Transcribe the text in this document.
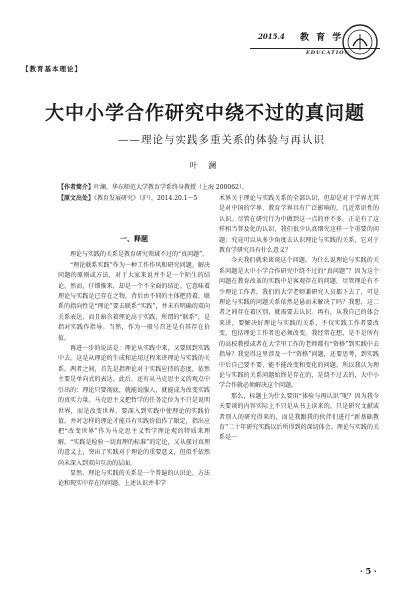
2015.4 教 育 学
EDUCATION
【教育基本理论】
大中小学合作研究中绕不过的真问题
——理论与实践多重关系的体验与再认识
叶 澜
【作者简介】叶澜，华东师范大学教育学系终身教授（上海 200062）。
【原文出处】《教育发展研究》（沪），2014.20.1～5
一、释题

理论与实践的关系是教育研究领域不过的“真问题”。

“理论联系实践”作为一种工作作风和研究问题、解决问题的原则或方法，对于大家来说并不是一个陌生的结论。然而，仔细推来，却是一个不全面的结论。它意味着理论与实践是已存在之物，背后由不同的主体把持着，联系的指向性是“理论”要去联系“实践”，并未有明确的双向关系表达，而且暗含着理论高于实践，所谓的“联系”，是指对实践作指导。当然，作为一般号召还是有其存在价值。

再进一步的说法是：理论从实践中来，又要回到实践中去。这是从理论的生成和运用过程来讲理论与实践的关系。两者之间，首先是指理论对于实践应持的态度，依然主要是单向式的表达。此后，还有从马克思主义的观点中引出的：理论只要彻底，就能说服人，就能成为改变实践的真实力量。马克思主义把哲学的任务定位为不只是说明世界，而是改变世界，要深入到实践中使理论的实践价值。并对怎样的理论才能具有实践价值作了限定，指出应把“改变世界”作为马克思主义哲学理论观的特质来理解。“实践是检验一切真理的标准”的定论，又从探讨真理的意义上，突出了实践对于理论的重要意义，但似乎依然尚未深入到双向互动的层面。

显然，理论与实践的关系是一个普遍的认识论、方法论和现实中存在的问题。上述认识并非学

术界关于理论与实践关系的全部认识，但却是对于学界尤其是对中国的学界、教育学界具有广泛影响的，几近常识性的认识。尽管在研究行为中做到这一点的并不多。正是有了这样相当普及化的认识，我们很少认真细究这样一个重要的问题：究竟可以从多少角度去认识理论与实践的关系，它对于教育学研究具有什么意义？

今天我们就来谈谈这个问题。为什么说理论与实践的关系问题是大中小学合作研究中绕不过的“真问题”？因为这个问题在教育改革的实践中是客观存在的问题，尽管理论有不少理论工作者，我们的大学老师兼研究人员都下去了，可是理论与实践的问题关系依然是悬而未解决了吗？我想，这二者之间存在着区别，就需要去认识。再有，从我自己的体会来讲，要解决好理论与实践的关系，不仅实践工作者要改变，包括理论工作者也必须改变。我经常在想，是不是所有的高校教授或者在大学里工作的老师都有“资格”到实践中去指导？我觉得这里涉及一个“资格”问题，还要思考，到实践中后自己要不要、能不能改变和变化的问题。所以我认为理论与实践的关系问题始终是存在的，是绕不过去的，大中小学合作就必须解决这个问题。

那么，标题上为什么要用“体验与再认识”呢？因为我今天要谈的内容实际上不只是从书上读来的，只是研究文献或者别人的研究得来的，而是我跟我的伙伴们进行“新基础教育”二十年研究实践以后所得到的深切体会。理论与实践的关系是一

· 5 ·
